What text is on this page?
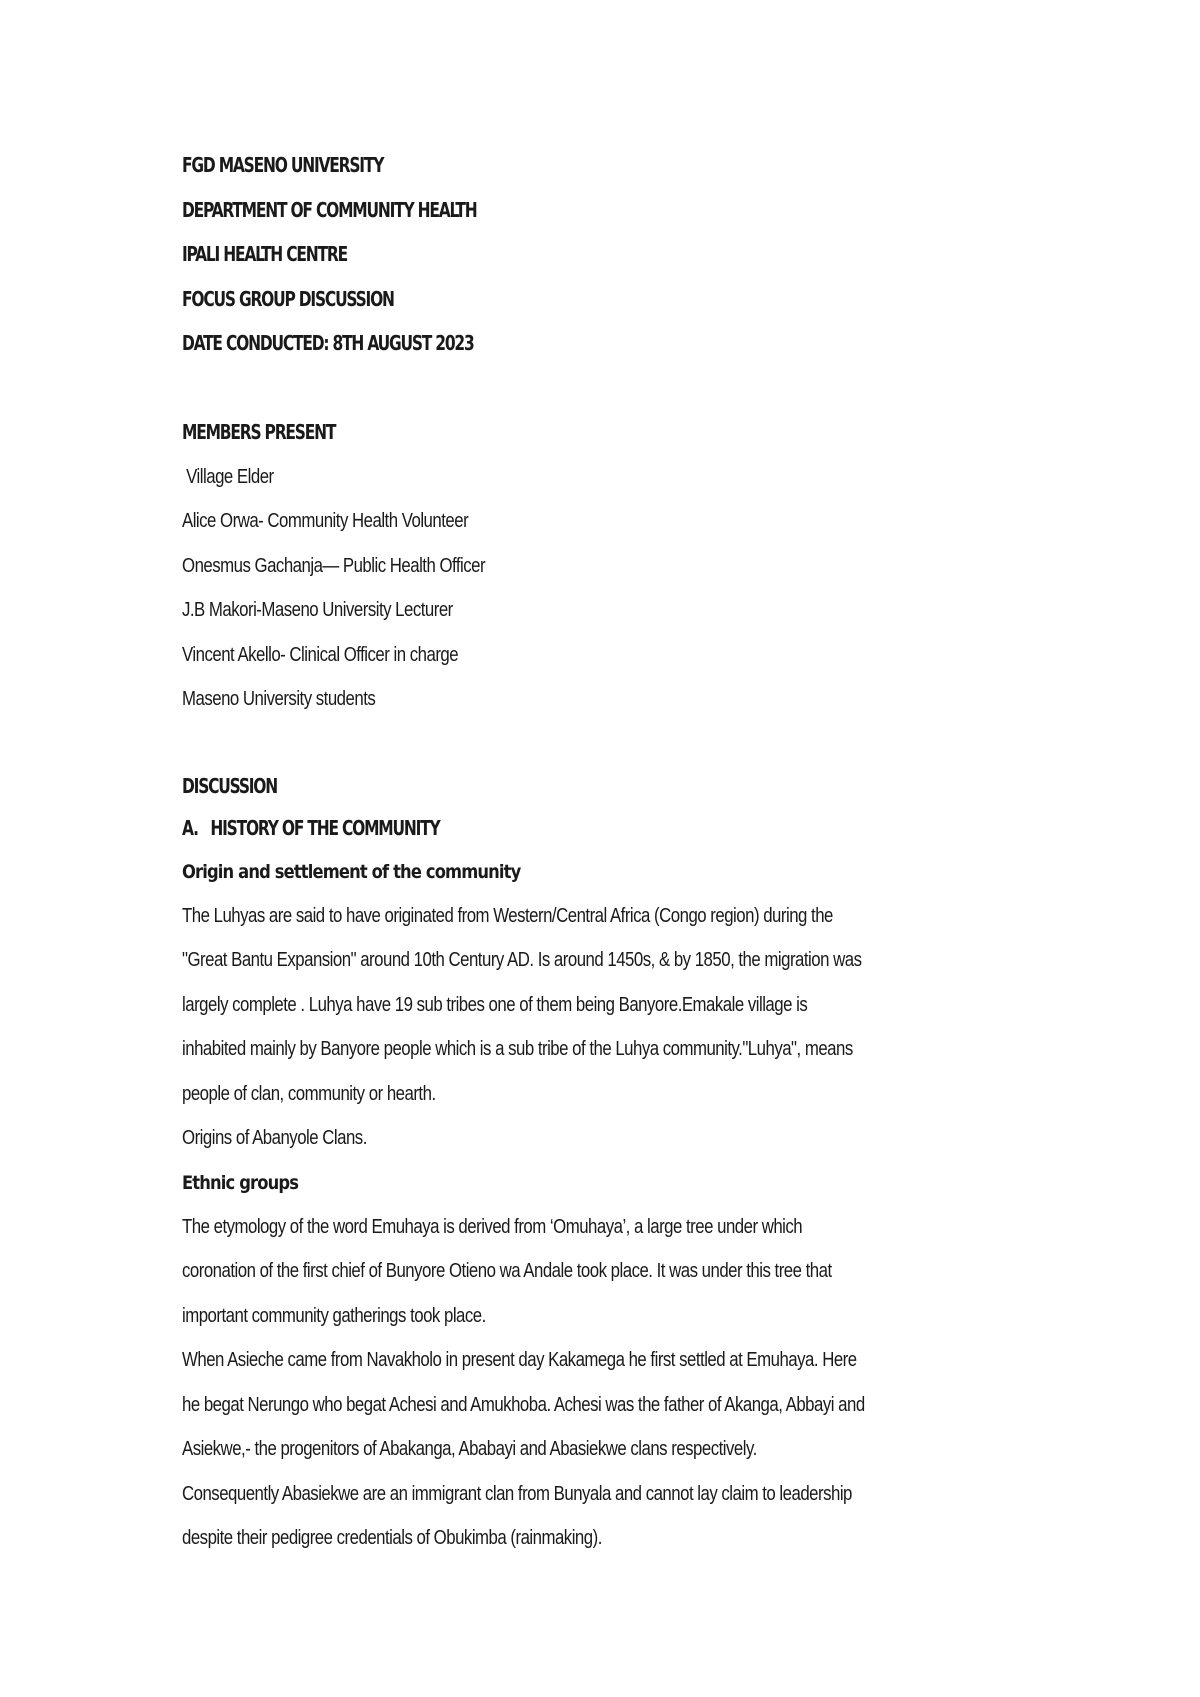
FGD MASENO UNIVERSITY
DEPARTMENT OF COMMUNITY HEALTH
IPALI HEALTH CENTRE
FOCUS GROUP DISCUSSION
DATE CONDUCTED: 8TH AUGUST 2023
MEMBERS PRESENT
Village Elder
Alice Orwa- Community Health Volunteer
Onesmus Gachanja— Public Health Officer
J.B Makori-Maseno University Lecturer
Vincent Akello- Clinical Officer in charge
Maseno University students
DISCUSSION
A. HISTORY OF THE COMMUNITY
Origin and settlement of the community
The Luhyas are said to have originated from Western/Central Africa (Congo region) during the
"Great Bantu Expansion" around 10th Century AD. Is around 1450s, & by 1850, the migration was
largely complete . Luhya have 19 sub tribes one of them being Banyore.Emakale village is
inhabited mainly by Banyore people which is a sub tribe of the Luhya community."Luhya", means
people of clan, community or hearth.
Origins of Abanyole Clans.
Ethnic groups
The etymology of the word Emuhaya is derived from ‘Omuhaya’, a large tree under which
coronation of the first chief of Bunyore Otieno wa Andale took place. It was under this tree that
important community gatherings took place.
When Asieche came from Navakholo in present day Kakamega he first settled at Emuhaya. Here
he begat Nerungo who begat Achesi and Amukhoba. Achesi was the father of Akanga, Abbayi and
Asiekwe,- the progenitors of Abakanga, Ababayi and Abasiekwe clans respectively.
Consequently Abasiekwe are an immigrant clan from Bunyala and cannot lay claim to leadership
despite their pedigree credentials of Obukimba (rainmaking).
